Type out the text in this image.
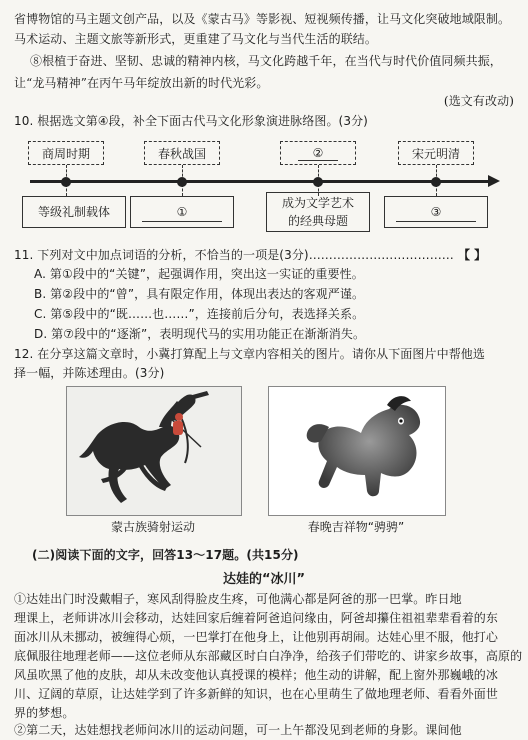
省博物馆的马主题文创产品，以及《蒙古马》等影视、短视频传播，让马文化突破地域限制。
马术运动、主题文旅等新形式，更重建了马文化与当代生活的联结。
⑧根植于奋进、坚韧、忠诚的精神内核，马文化跨越千年，在当代与时代价值同频共振，
让“龙马精神”在丙午马年绽放出新的时代光彩。
(选文有改动)
10. 根据选文第④段，补全下面古代马文化形象演进脉络图。(3分)
商周时期	春秋战国	②	宋元明清
等级礼制载体	①
成为文学艺术
的经典母题
③
11. 下列对文中加点词语的分析，不恰当的一项是(3分)……………………………… 【 】
A. 第①段中的“关键”，起强调作用，突出这一实证的重要性。
B. 第②段中的“曾”，具有限定作用，体现出表达的客观严谨。
C. 第⑤段中的“既……也……”，连接前后分句，表选择关系。
D. 第⑦段中的“逐渐”，表明现代马的实用功能正在渐渐消失。
12. 在分享这篇文章时，小冀打算配上与文章内容相关的图片。请你从下面图片中帮他选
择一幅，并陈述理由。(3分)
蒙古族骑射运动	春晚吉祥物“骋骋”
(二)阅读下面的文字，回答13～17题。(共15分)
达娃的“冰川”
①达娃出门时没戴帽子，寒风刮得脸皮生疼，可他满心都是阿爸的那一巴掌。昨日地
理课上，老师讲冰川会移动，达娃回家后缠着阿爸追问缘由，阿爸却攥住祖祖辈辈看着的东
面冰川从未挪动，被缠得心烦，一巴掌打在他身上，让他别再胡闹。达娃心里不服，他打心
底佩服往地理老师——这位老师从东部藏区时白白净净，给孩子们带吃的、讲家乡故事，高原的
风虽吹黑了他的皮肤，却从未改变他认真授课的模样；他生动的讲解，配上窗外那巍峨的冰
川、辽阔的草原，让达娃学到了许多新鲜的知识，也在心里萌生了做地理老师、看看外面世
界的梦想。
②第二天，达娃想找老师问冰川的运动问题，可一上午都没见到老师的身影。课间他
